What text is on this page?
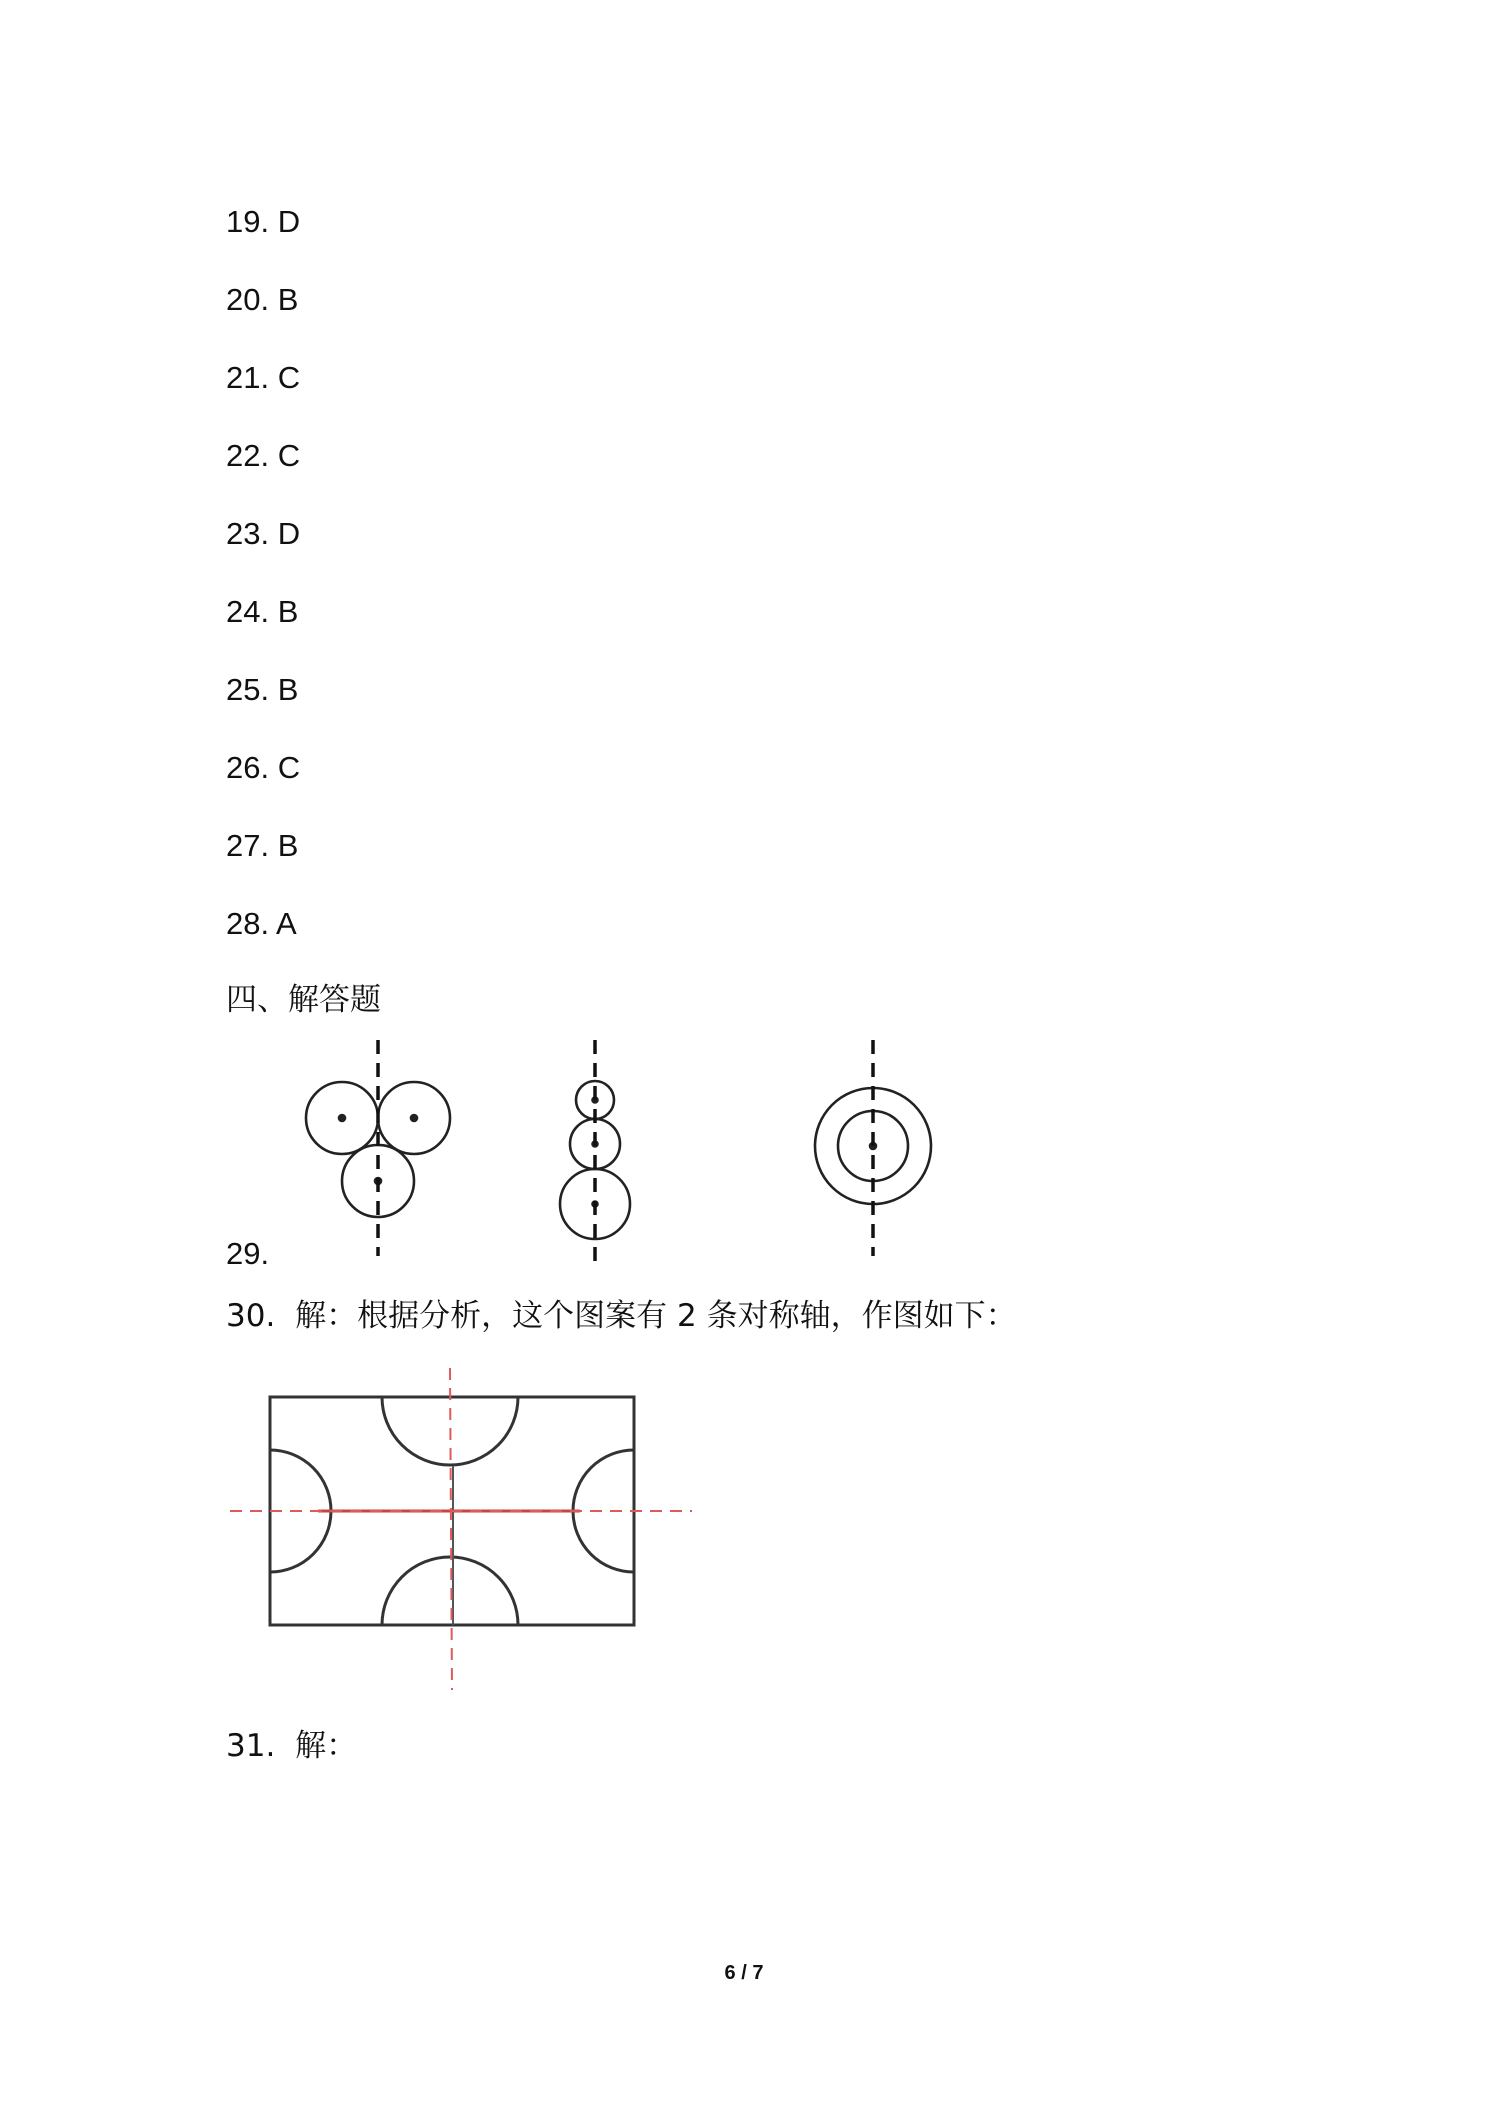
19. D
20. B
21. C
22. C
23. D
24. B
25. B
26. C
27. B
28. A
四、解答题
29.
30. 解：根据分析，这个图案有 2 条对称轴，作图如下：
31. 解：
6 / 7
